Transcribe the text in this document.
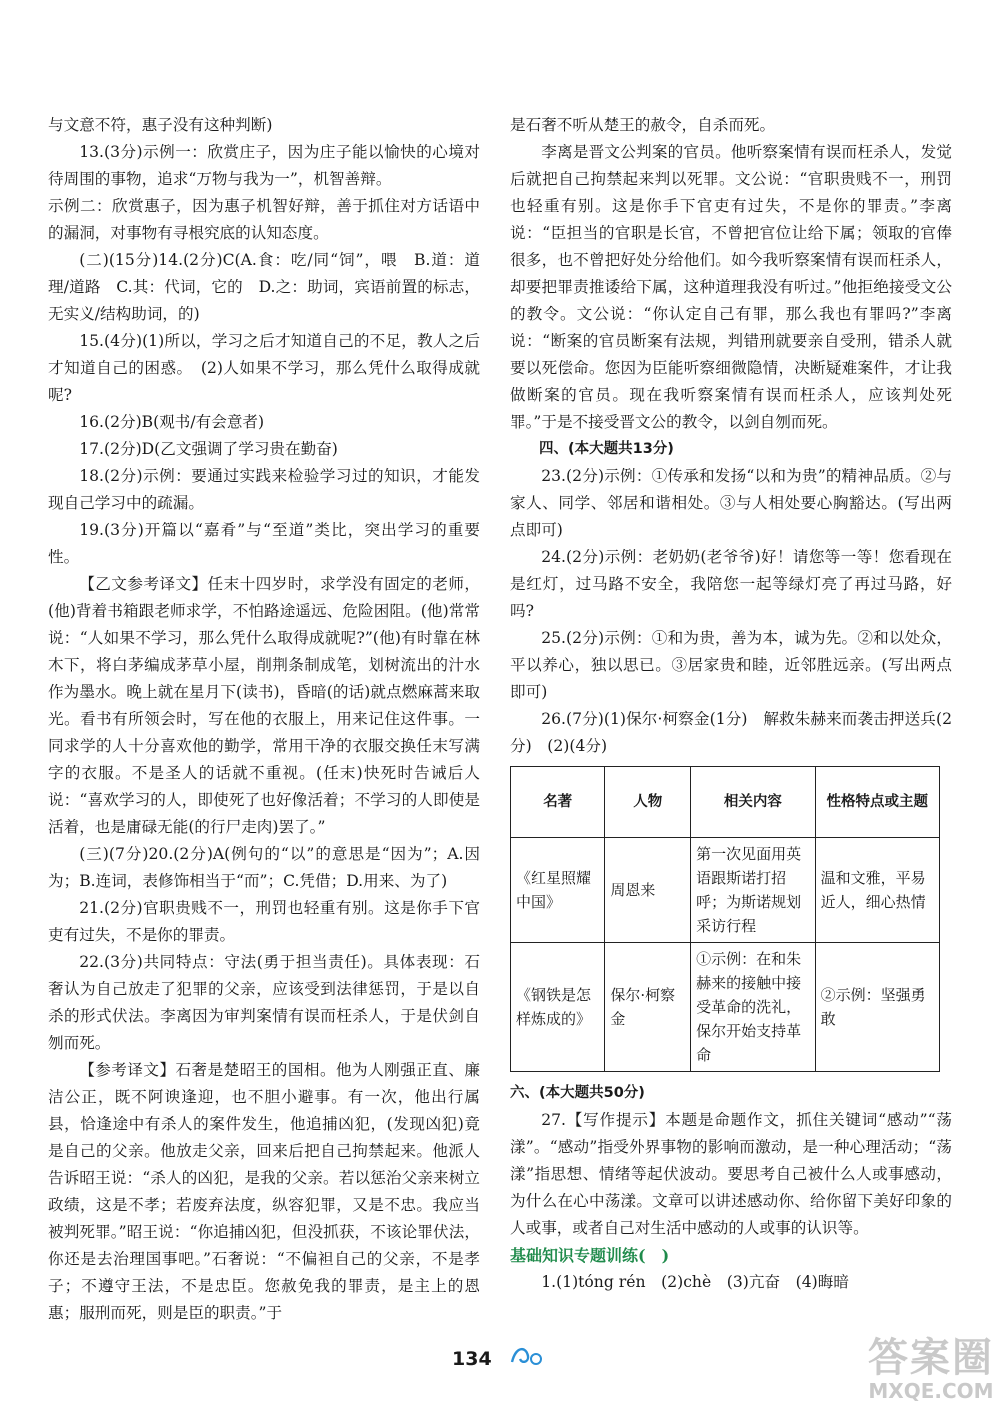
与文意不符，惠子没有这种判断)

13.(3分)示例一：欣赏庄子，因为庄子能以愉快的心境对待周围的事物，追求“万物与我为一”，机智善辩。

示例二：欣赏惠子，因为惠子机智好辩，善于抓住对方话语中的漏洞，对事物有寻根究底的认知态度。

(二)(15分)14.(2分)C(A.食：吃/同“饲”，喂　B.道：道理/道路　C.其：代词，它的　D.之：助词，宾语前置的标志，无实义/结构助词，的)

15.(4分)(1)所以，学习之后才知道自己的不足，教人之后才知道自己的困惑。　(2)人如果不学习，那么凭什么取得成就呢?

16.(2分)B(观书/有会意者)

17.(2分)D(乙文强调了学习贵在勤奋)

18.(2分)示例：要通过实践来检验学习过的知识，才能发现自己学习中的疏漏。

19.(3分)开篇以“嘉肴”与“至道”类比，突出学习的重要性。

【乙文参考译文】任末十四岁时，求学没有固定的老师，(他)背着书箱跟老师求学，不怕路途遥远、危险困阻。(他)常常说：“人如果不学习，那么凭什么取得成就呢?”(他)有时靠在林木下，将白茅编成茅草小屋，削荆条制成笔，划树流出的汁水作为墨水。晚上就在星月下(读书)，昏暗(的话)就点燃麻蒿来取光。看书有所领会时，写在他的衣服上，用来记住这件事。一同求学的人十分喜欢他的勤学，常用干净的衣服交换任末写满字的衣服。不是圣人的话就不重视。(任末)快死时告诫后人说：“喜欢学习的人，即使死了也好像活着；不学习的人即使是活着，也是庸碌无能(的行尸走肉)罢了。”

(三)(7分)20.(2分)A(例句的“以”的意思是“因为”；A.因为；B.连词，表修饰相当于“而”；C.凭借；D.用来、为了)

21.(2分)官职贵贱不一，刑罚也轻重有别。这是你手下官吏有过失，不是你的罪责。

22.(3分)共同特点：守法(勇于担当责任)。具体表现：石奢认为自己放走了犯罪的父亲，应该受到法律惩罚，于是以自杀的形式伏法。李离因为审判案情有误而枉杀人，于是伏剑自刎而死。

【参考译文】石奢是楚昭王的国相。他为人刚强正直、廉洁公正，既不阿谀逢迎，也不胆小避事。有一次，他出行属县，恰逢途中有杀人的案件发生，他追捕凶犯，(发现凶犯)竟是自己的父亲。他放走父亲，回来后把自己拘禁起来。他派人告诉昭王说：“杀人的凶犯，是我的父亲。若以惩治父亲来树立政绩，这是不孝；若废弃法度，纵容犯罪，又是不忠。我应当被判死罪。”昭王说：“你追捕凶犯，但没抓获，不该论罪伏法，你还是去治理国事吧。”石奢说：“不偏袒自己的父亲，不是孝子；不遵守王法，不是忠臣。您赦免我的罪责，是主上的恩惠；服刑而死，则是臣的职责。”于

是石奢不听从楚王的赦令，自杀而死。

李离是晋文公判案的官员。他听察案情有误而枉杀人，发觉后就把自己拘禁起来判以死罪。文公说：“官职贵贱不一，刑罚也轻重有别。这是你手下官吏有过失，不是你的罪责。”李离说：“臣担当的官职是长官，不曾把官位让给下属；领取的官俸很多，也不曾把好处分给他们。如今我听察案情有误而枉杀人，却要把罪责推诿给下属，这种道理我没有听过。”他拒绝接受文公的教令。文公说：“你认定自己有罪，那么我也有罪吗?”李离说：“断案的官员断案有法规，判错刑就要亲自受刑，错杀人就要以死偿命。您因为臣能听察细微隐情，决断疑难案件，才让我做断案的官员。现在我听察案情有误而枉杀人，应该判处死罪。”于是不接受晋文公的教令，以剑自刎而死。

四、(本大题共13分)

23.(2分)示例：①传承和发扬“以和为贵”的精神品质。②与家人、同学、邻居和谐相处。③与人相处要心胸豁达。(写出两点即可)

24.(2分)示例：老奶奶(老爷爷)好！请您等一等！您看现在是红灯，过马路不安全，我陪您一起等绿灯亮了再过马路，好吗?

25.(2分)示例：①和为贵，善为本，诚为先。②和以处众，平以养心，独以思已。③居家贵和睦，近邻胜远亲。(写出两点即可)

26.(7分)(1)保尔·柯察金(1分)　解救朱赫来而袭击押送兵(2分)　(2)(4分)

名著	人物	相关内容	性格特点或主题
《红星照耀中国》	周恩来	第一次见面用英语跟斯诺打招呼；为斯诺规划采访行程	温和文雅，平易近人，细心热情
《钢铁是怎样炼成的》	保尔·柯察金	①示例：在和朱赫来的接触中接受革命的洗礼，保尔开始支持革命	②示例：坚强勇敢

六、(本大题共50分)

27.【写作提示】本题是命题作文，抓住关键词“感动”“荡漾”。“感动”指受外界事物的影响而激动，是一种心理活动；“荡漾”指思想、情绪等起伏波动。要思考自己被什么人或事感动，为什么在心中荡漾。文章可以讲述感动你、给你留下美好印象的人或事，或者自己对生活中感动的人或事的认识等。

基础知识专题训练(　)

1.(1)tóng rén　(2)chè　(3)亢奋　(4)晦暗

134	答案圈
MXQE.COM
